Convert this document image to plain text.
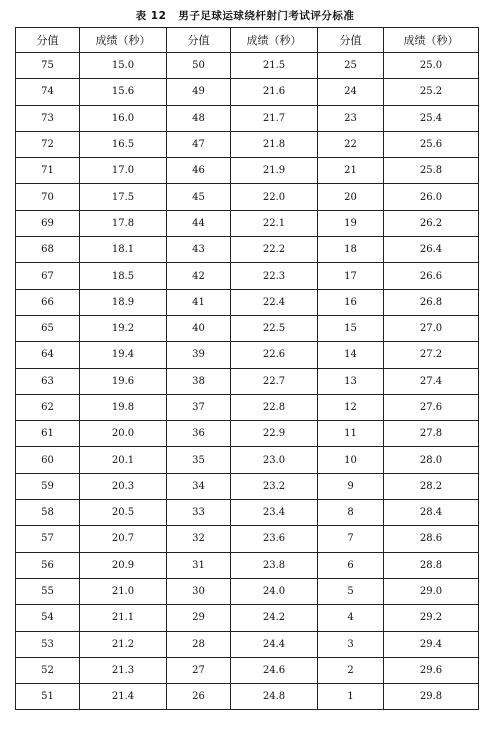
表 12 男子足球运球绕杆射门考试评分标准
分值	成绩（秒）	分值	成绩（秒）	分值	成绩（秒）
75	15.0	50	21.5	25	25.0
74	15.6	49	21.6	24	25.2
73	16.0	48	21.7	23	25.4
72	16.5	47	21.8	22	25.6
71	17.0	46	21.9	21	25.8
70	17.5	45	22.0	20	26.0
69	17.8	44	22.1	19	26.2
68	18.1	43	22.2	18	26.4
67	18.5	42	22.3	17	26.6
66	18.9	41	22.4	16	26.8
65	19.2	40	22.5	15	27.0
64	19.4	39	22.6	14	27.2
63	19.6	38	22.7	13	27.4
62	19.8	37	22.8	12	27.6
61	20.0	36	22.9	11	27.8
60	20.1	35	23.0	10	28.0
59	20.3	34	23.2	9	28.2
58	20.5	33	23.4	8	28.4
57	20.7	32	23.6	7	28.6
56	20.9	31	23.8	6	28.8
55	21.0	30	24.0	5	29.0
54	21.1	29	24.2	4	29.2
53	21.2	28	24.4	3	29.4
52	21.3	27	24.6	2	29.6
51	21.4	26	24.8	1	29.8
